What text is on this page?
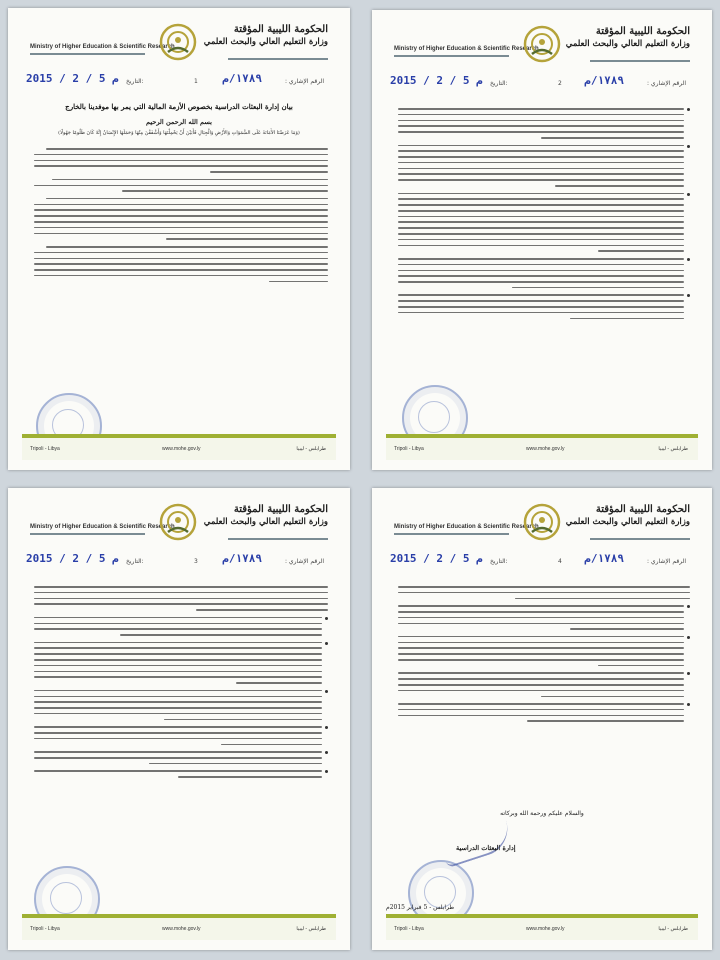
Ministry of Higher Education & Scientific Research
الحكومة الليبية المؤقتة
وزارة التعليم العالي والبحث العلمي
2015 / 2 / 5 م التاريخ:	1 ١٧٨٩/م	الرقم الإشاري :
بيان إدارة البعثات الدراسية بخصوص الأزمة المالية التي يمر بها موفدينا بالخارج
بسم الله الرحمن الرحيم
(وَمَا عَرَضْنَا الأَمَانَةَ عَلَى السَّمَوَاتِ وَالأَرْضِ وَالْجِبَالِ فَأَبَيْنَ أَنْ يَحْمِلْنَهَا وَأَشْفَقْنَ مِنْهَا وَحَمَلَهَا الإِنْسَانُ إِنَّهُ كَانَ ظَلُومًا جَهُولًا)
Tripoli - Libya	www.mohe.gov.ly	طرابلس - ليبيا
Ministry of Higher Education & Scientific Research
الحكومة الليبية المؤقتة
وزارة التعليم العالي والبحث العلمي
2015 / 2 / 5 م التاريخ:	2 ١٧٨٩/م	الرقم الإشاري :
Tripoli - Libya	www.mohe.gov.ly	طرابلس - ليبيا
Ministry of Higher Education & Scientific Research
الحكومة الليبية المؤقتة
وزارة التعليم العالي والبحث العلمي
2015 / 2 / 5 م التاريخ:	3 ١٧٨٩/م	الرقم الإشاري :
Tripoli - Libya	www.mohe.gov.ly	طرابلس - ليبيا
Ministry of Higher Education & Scientific Research
الحكومة الليبية المؤقتة
وزارة التعليم العالي والبحث العلمي
2015 / 2 / 5 م التاريخ:	4 ١٧٨٩/م	الرقم الإشاري :
والسلام عليكم ورحمة الله وبركاته
إدارة البعثات الدراسية
طرابلس - 5 فبراير 2015م
Tripoli - Libya	www.mohe.gov.ly	طرابلس - ليبيا
